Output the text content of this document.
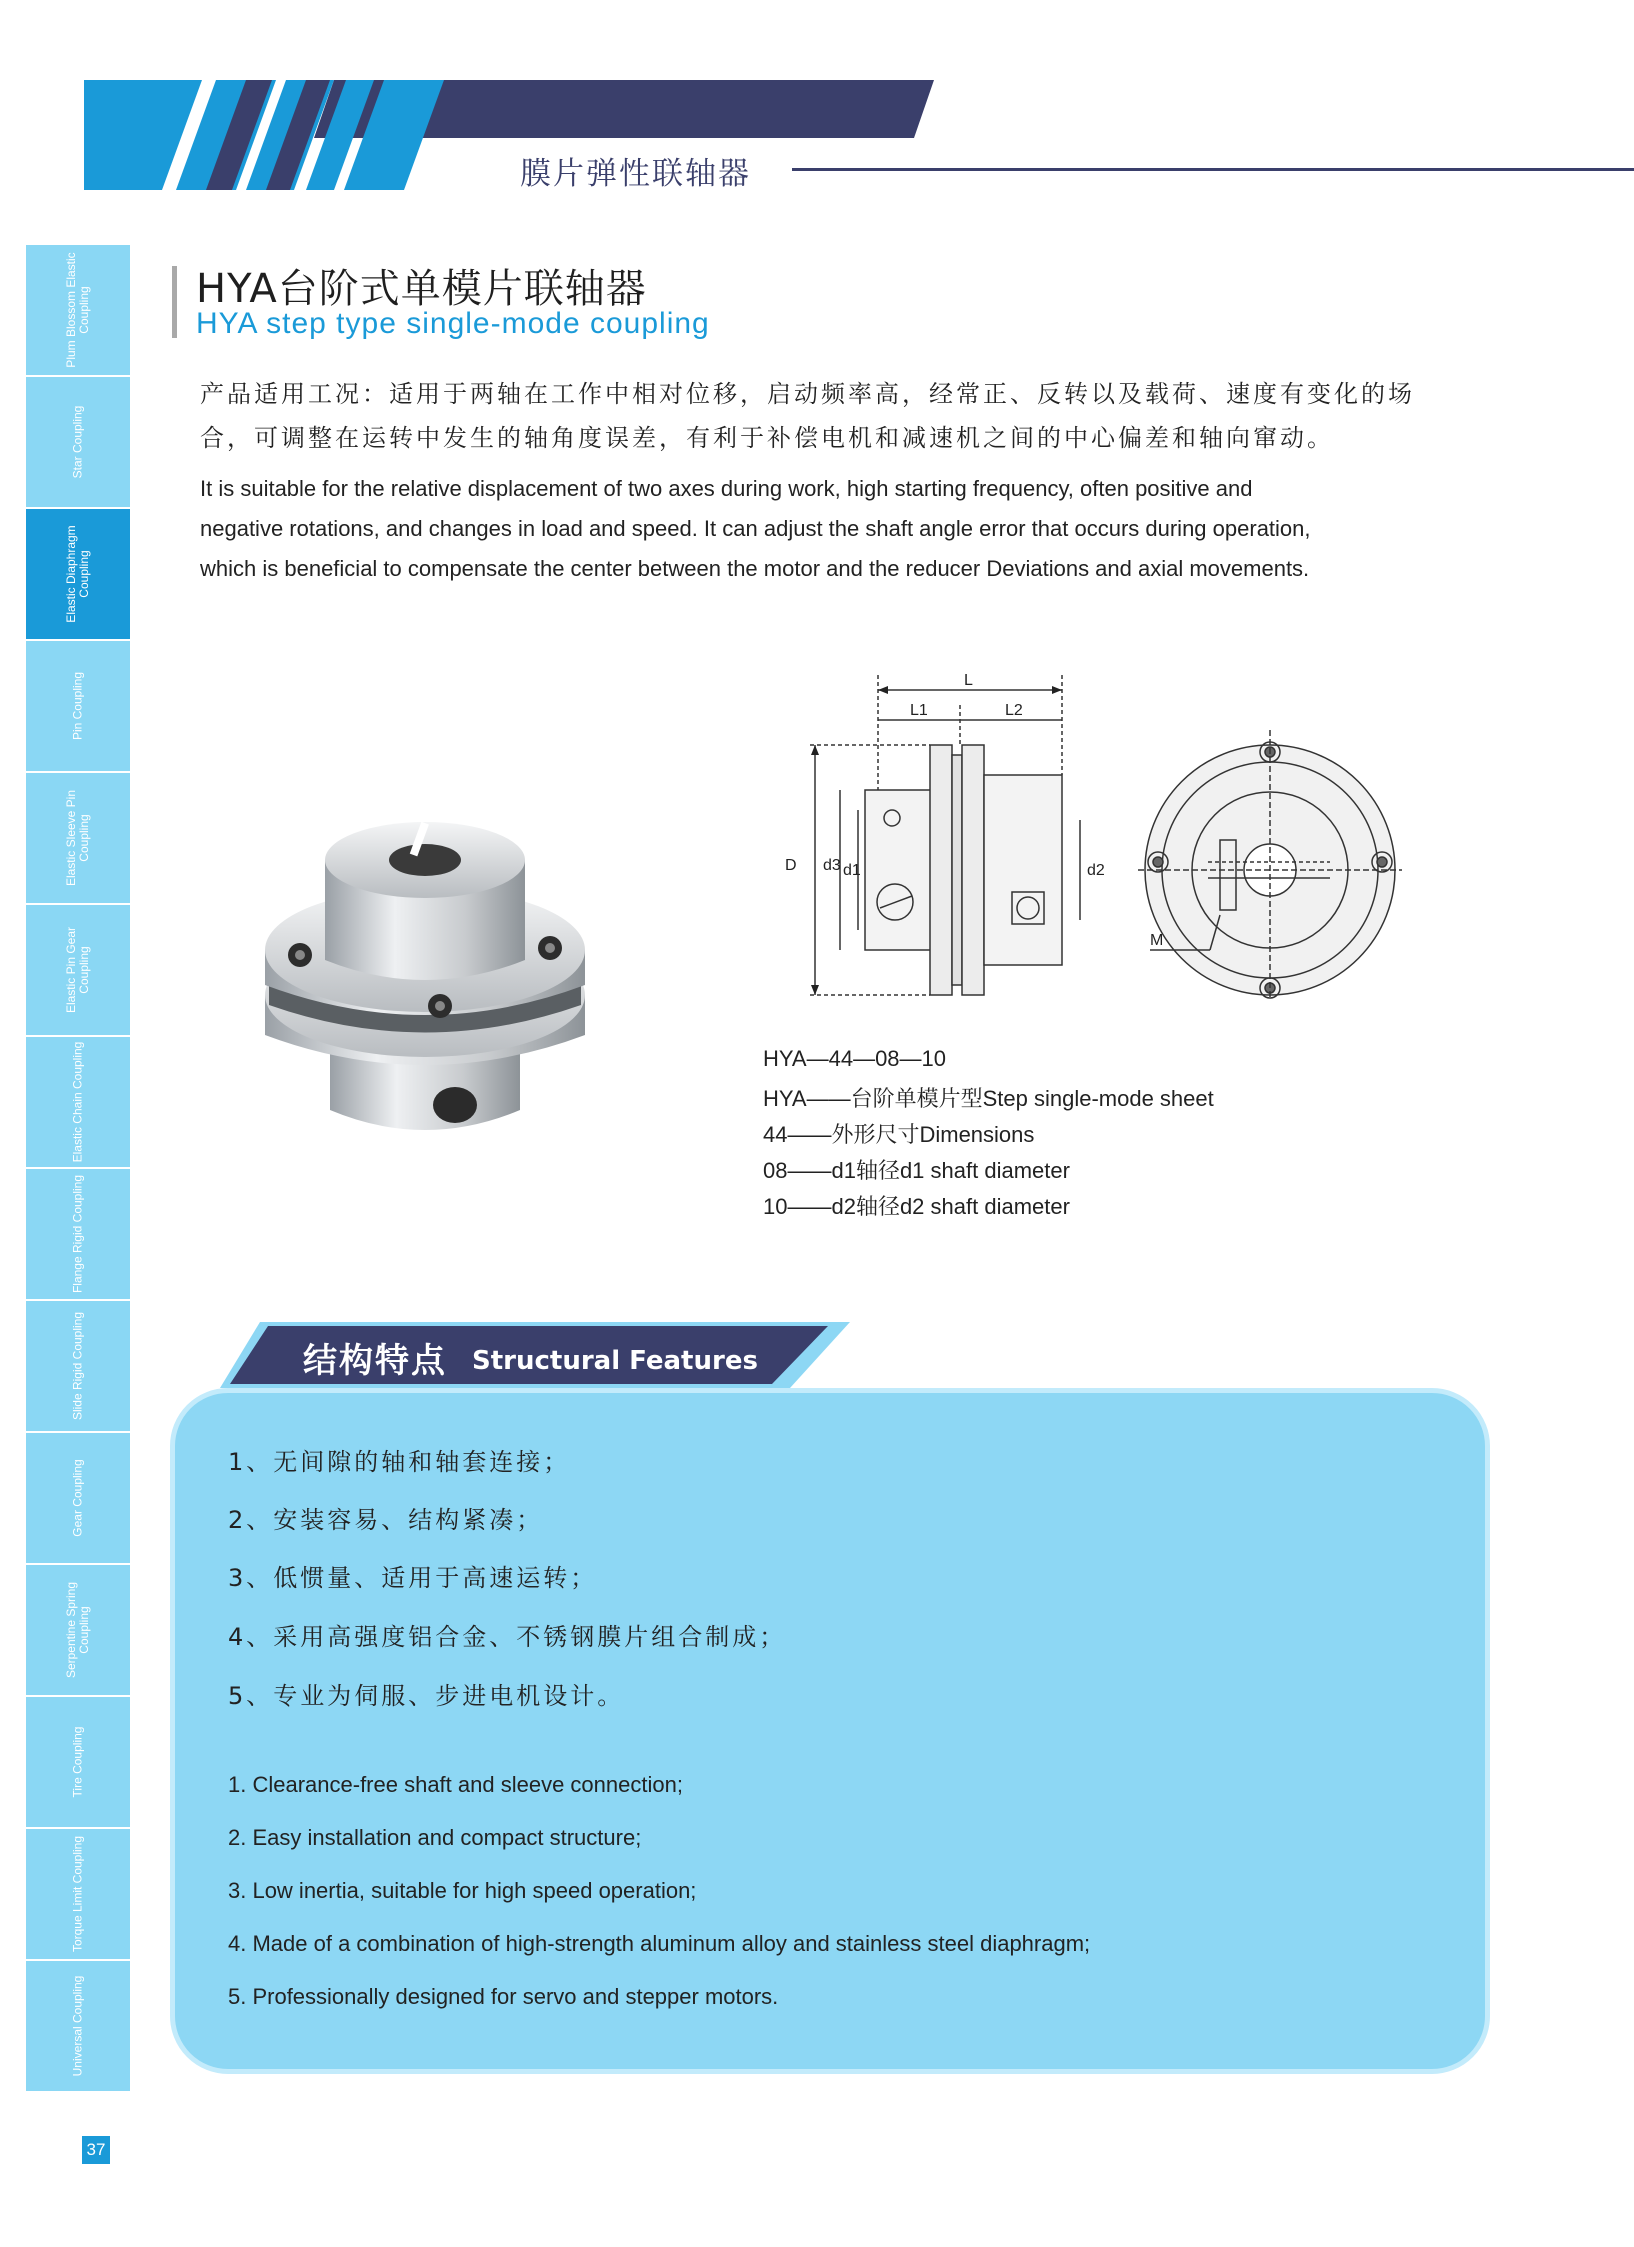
膜片弹性联轴器
Plum Blossom Elastic Coupling
Star Coupling
Elastic Diaphragm Coupling
Pin Coupling
Elastic Sleeve Pin Coupling
Elastic Pin Gear Coupling
Elastic Chain Coupling
Flange Rigid Coupling
Slide Rigid Coupling
Gear Coupling
Serpentine Spring Coupling
Tire Coupling
Torque Limit Coupling
Universal Coupling
HYA台阶式单模片联轴器
HYA step type single-mode coupling
产品适用工况：适用于两轴在工作中相对位移，启动频率高，经常正、反转以及载荷、速度有变化的场
合，可调整在运转中发生的轴角度误差，有利于补偿电机和减速机之间的中心偏差和轴向窜动。
It is suitable for the relative displacement of two axes during work, high starting frequency, often positive and
negative rotations, and changes in load and speed. It can adjust the shaft angle error that occurs during operation,
which is beneficial to compensate the center between the motor and the reducer Deviations and axial movements.
L
L1	L2
D d3 d1	d2
M
HYA—44—08—10
HYA——台阶单模片型Step single-mode sheet
44——外形尺寸Dimensions
08——d1轴径d1 shaft diameter
10——d2轴径d2 shaft diameter
结构特点 Structural Features
1、无间隙的轴和轴套连接；
2、安装容易、结构紧凑；
3、低惯量、适用于高速运转；
4、采用高强度铝合金、不锈钢膜片组合制成；
5、专业为伺服、步进电机设计。
1. Clearance-free shaft and sleeve connection;
2. Easy installation and compact structure;
3. Low inertia, suitable for high speed operation;
4. Made of a combination of high-strength aluminum alloy and stainless steel diaphragm;
5. Professionally designed for servo and stepper motors.
37
